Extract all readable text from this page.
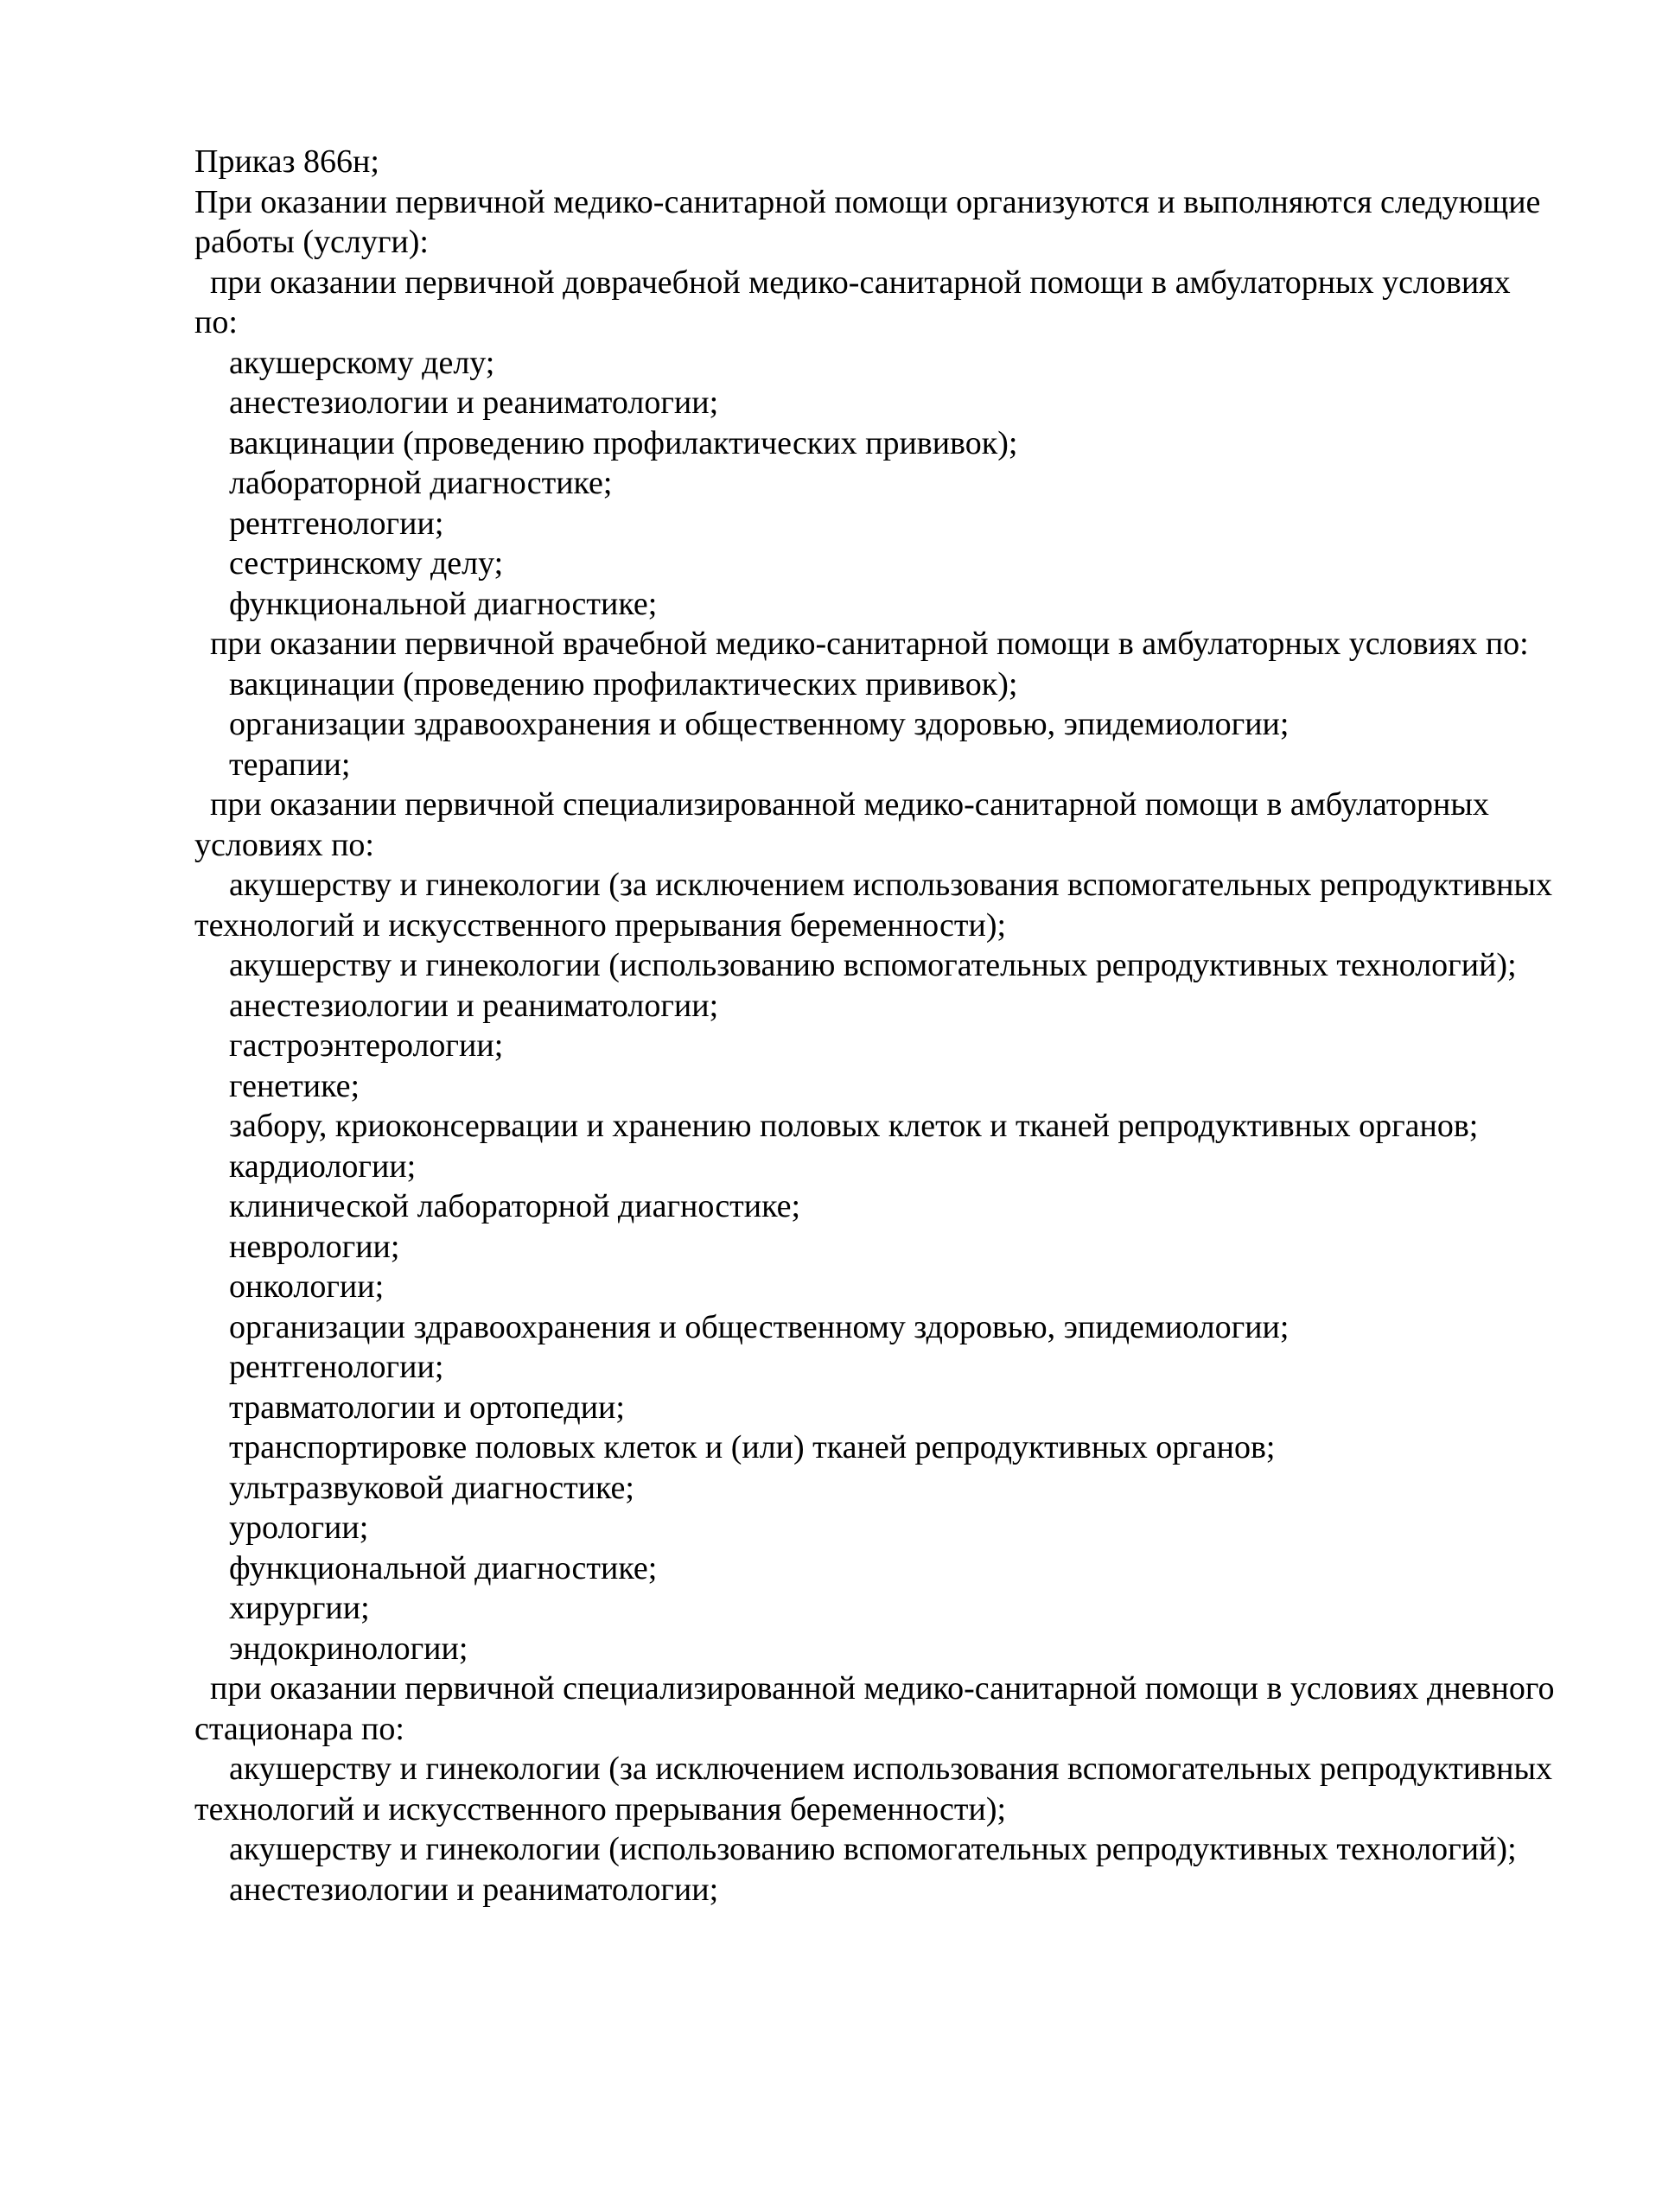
Приказ 866н;
При оказании первичной медико-санитарной помощи организуются и выполняются следующие
работы (услуги):
при оказании первичной доврачебной медико-санитарной помощи в амбулаторных условиях
по:
акушерскому делу;
анестезиологии и реаниматологии;
вакцинации (проведению профилактических прививок);
лабораторной диагностике;
рентгенологии;
сестринскому делу;
функциональной диагностике;
при оказании первичной врачебной медико-санитарной помощи в амбулаторных условиях по:
вакцинации (проведению профилактических прививок);
организации здравоохранения и общественному здоровью, эпидемиологии;
терапии;
при оказании первичной специализированной медико-санитарной помощи в амбулаторных
условиях по:
акушерству и гинекологии (за исключением использования вспомогательных репродуктивных
технологий и искусственного прерывания беременности);
акушерству и гинекологии (использованию вспомогательных репродуктивных технологий);
анестезиологии и реаниматологии;
гастроэнтерологии;
генетике;
забору, криоконсервации и хранению половых клеток и тканей репродуктивных органов;
кардиологии;
клинической лабораторной диагностике;
неврологии;
онкологии;
организации здравоохранения и общественному здоровью, эпидемиологии;
рентгенологии;
травматологии и ортопедии;
транспортировке половых клеток и (или) тканей репродуктивных органов;
ультразвуковой диагностике;
урологии;
функциональной диагностике;
хирургии;
эндокринологии;
при оказании первичной специализированной медико-санитарной помощи в условиях дневного
стационара по:
акушерству и гинекологии (за исключением использования вспомогательных репродуктивных
технологий и искусственного прерывания беременности);
акушерству и гинекологии (использованию вспомогательных репродуктивных технологий);
анестезиологии и реаниматологии;
